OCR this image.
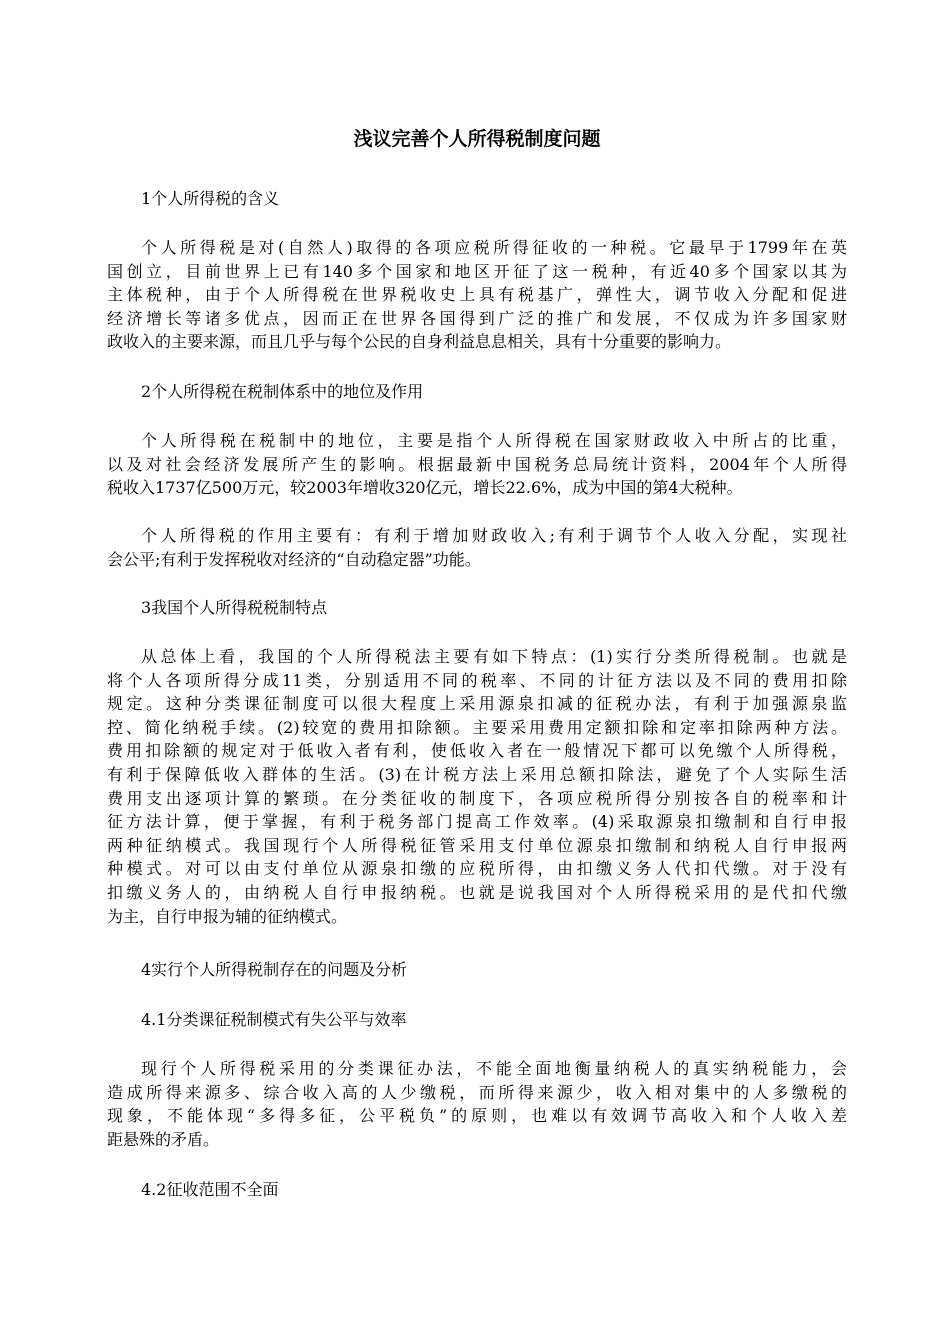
浅议完善个人所得税制度问题

1个人所得税的含义

个人所得税是对(自然人)取得的各项应税所得征收的一种税。它最早于1799年在英
国创立，目前世界上已有140多个国家和地区开征了这一税种，有近40多个国家以其为
主体税种，由于个人所得税在世界税收史上具有税基广，弹性大，调节收入分配和促进
经济增长等诸多优点，因而正在世界各国得到广泛的推广和发展，不仅成为许多国家财
政收入的主要来源，而且几乎与每个公民的自身利益息息相关，具有十分重要的影响力。

2个人所得税在税制体系中的地位及作用

个人所得税在税制中的地位，主要是指个人所得税在国家财政收入中所占的比重，
以及对社会经济发展所产生的影响。根据最新中国税务总局统计资料，2004年个人所得
税收入1737亿500万元，较2003年增收320亿元，增长22.6%，成为中国的第4大税种。
个人所得税的作用主要有：有利于增加财政收入;有利于调节个人收入分配，实现社
会公平;有利于发挥税收对经济的“自动稳定器”功能。

3我国个人所得税税制特点

从总体上看，我国的个人所得税法主要有如下特点：(1)实行分类所得税制。也就是
将个人各项所得分成11类，分别适用不同的税率、不同的计征方法以及不同的费用扣除
规定。这种分类课征制度可以很大程度上采用源泉扣减的征税办法，有利于加强源泉监
控、简化纳税手续。(2)较宽的费用扣除额。主要采用费用定额扣除和定率扣除两种方法。
费用扣除额的规定对于低收入者有利，使低收入者在一般情况下都可以免缴个人所得税，
有利于保障低收入群体的生活。(3)在计税方法上采用总额扣除法，避免了个人实际生活
费用支出逐项计算的繁琐。在分类征收的制度下，各项应税所得分别按各自的税率和计
征方法计算，便于掌握，有利于税务部门提高工作效率。(4)采取源泉扣缴制和自行申报
两种征纳模式。我国现行个人所得税征管采用支付单位源泉扣缴制和纳税人自行申报两
种模式。对可以由支付单位从源泉扣缴的应税所得，由扣缴义务人代扣代缴。对于没有
扣缴义务人的，由纳税人自行申报纳税。也就是说我国对个人所得税采用的是代扣代缴
为主，自行申报为辅的征纳模式。

4实行个人所得税制存在的问题及分析

4.1分类课征税制模式有失公平与效率

现行个人所得税采用的分类课征办法，不能全面地衡量纳税人的真实纳税能力，会
造成所得来源多、综合收入高的人少缴税，而所得来源少，收入相对集中的人多缴税的
现象，不能体现“多得多征，公平税负”的原则，也难以有效调节高收入和个人收入差
距悬殊的矛盾。

4.2征收范围不全面
